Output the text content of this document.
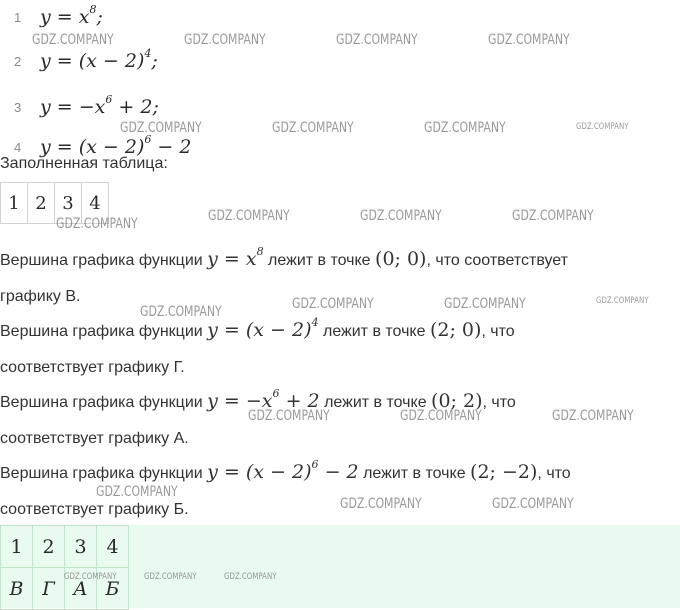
1 $y = x^8$;
2 $y = (x - 2)^4$;
3 $y = -x^6 + 2$;
4 $y = (x - 2)^6 - 2$
Заполненная таблица:
1	2	3	4
Вершина графика функции $y = x^8$ лежит в точке (0; 0), что соответствует
графику В.
Вершина графика функции $y = (x - 2)^4$ лежит в точке (2; 0), что
соответствует графику Г.
Вершина графика функции $y = -x^6 + 2$ лежит в точке (0; 2), что
соответствует графику А.
Вершина графика функции $y = (x - 2)^6 - 2$ лежит в точке (2; −2), что
соответствует графику Б.
1	2	3	4
В	Г	А	Б
GDZ.COMPANY	GDZ.COMPANY	GDZ.COMPANY	GDZ.COMPANY
GDZ.COMPANY	GDZ.COMPANY	GDZ.COMPANY	GDZ.COMPANY
GDZ.COMPANY	GDZ.COMPANY	GDZ.COMPANY	GDZ.COMPANY
GDZ.COMPANY	GDZ.COMPANY	GDZ.COMPANY	GDZ.COMPANY
GDZ.COMPANY	GDZ.COMPANY	GDZ.COMPANY
GDZ.COMPANY
GDZ.COMPANY	GDZ.COMPANY
GDZ.COMPANY	GDZ.COMPANY	GDZ.COMPANY
